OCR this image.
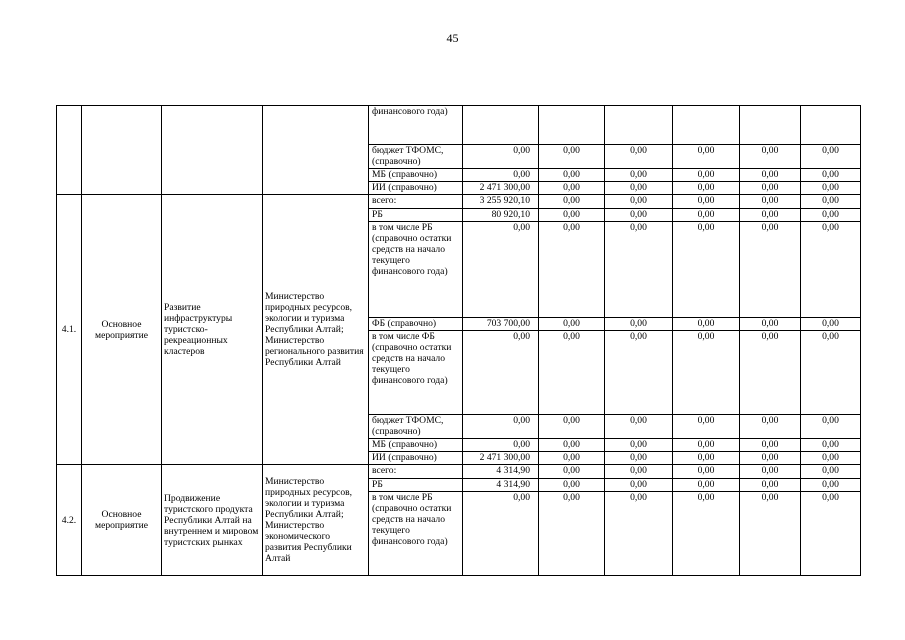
45
				финансового года)						
				бюджет ТФОМС, (справочно)	0,00	0,00	0,00	0,00	0,00	0,00
				МБ (справочно)	0,00	0,00	0,00	0,00	0,00	0,00
				ИИ (справочно)	2 471 300,00	0,00	0,00	0,00	0,00	0,00
4.1.	Основное мероприятие	Развитие инфраструктуры туристско-рекреационных кластеров	Министерство природных ресурсов, экологии и туризма Республики Алтай; Министерство регионального развития Республики Алтай	всего:	3 255 920,10	0,00	0,00	0,00	0,00	0,00
				РБ	80 920,10	0,00	0,00	0,00	0,00	0,00
				в том числе РБ (справочно остатки средств на начало текущего финансового года)	0,00	0,00	0,00	0,00	0,00	0,00
				ФБ (справочно)	703 700,00	0,00	0,00	0,00	0,00	0,00
				в том числе ФБ (справочно остатки средств на начало текущего финансового года)	0,00	0,00	0,00	0,00	0,00	0,00
				бюджет ТФОМС, (справочно)	0,00	0,00	0,00	0,00	0,00	0,00
				МБ (справочно)	0,00	0,00	0,00	0,00	0,00	0,00
				ИИ (справочно)	2 471 300,00	0,00	0,00	0,00	0,00	0,00
4.2.	Основное мероприятие	Продвижение туристского продукта Республики Алтай на внутреннем и мировом туристских рынках	Министерство природных ресурсов, экологии и туризма Республики Алтай; Министерство экономического развития Республики Алтай	всего:	4 314,90	0,00	0,00	0,00	0,00	0,00
				РБ	4 314,90	0,00	0,00	0,00	0,00	0,00
				в том числе РБ (справочно остатки средств на начало текущего финансового года)	0,00	0,00	0,00	0,00	0,00	0,00
